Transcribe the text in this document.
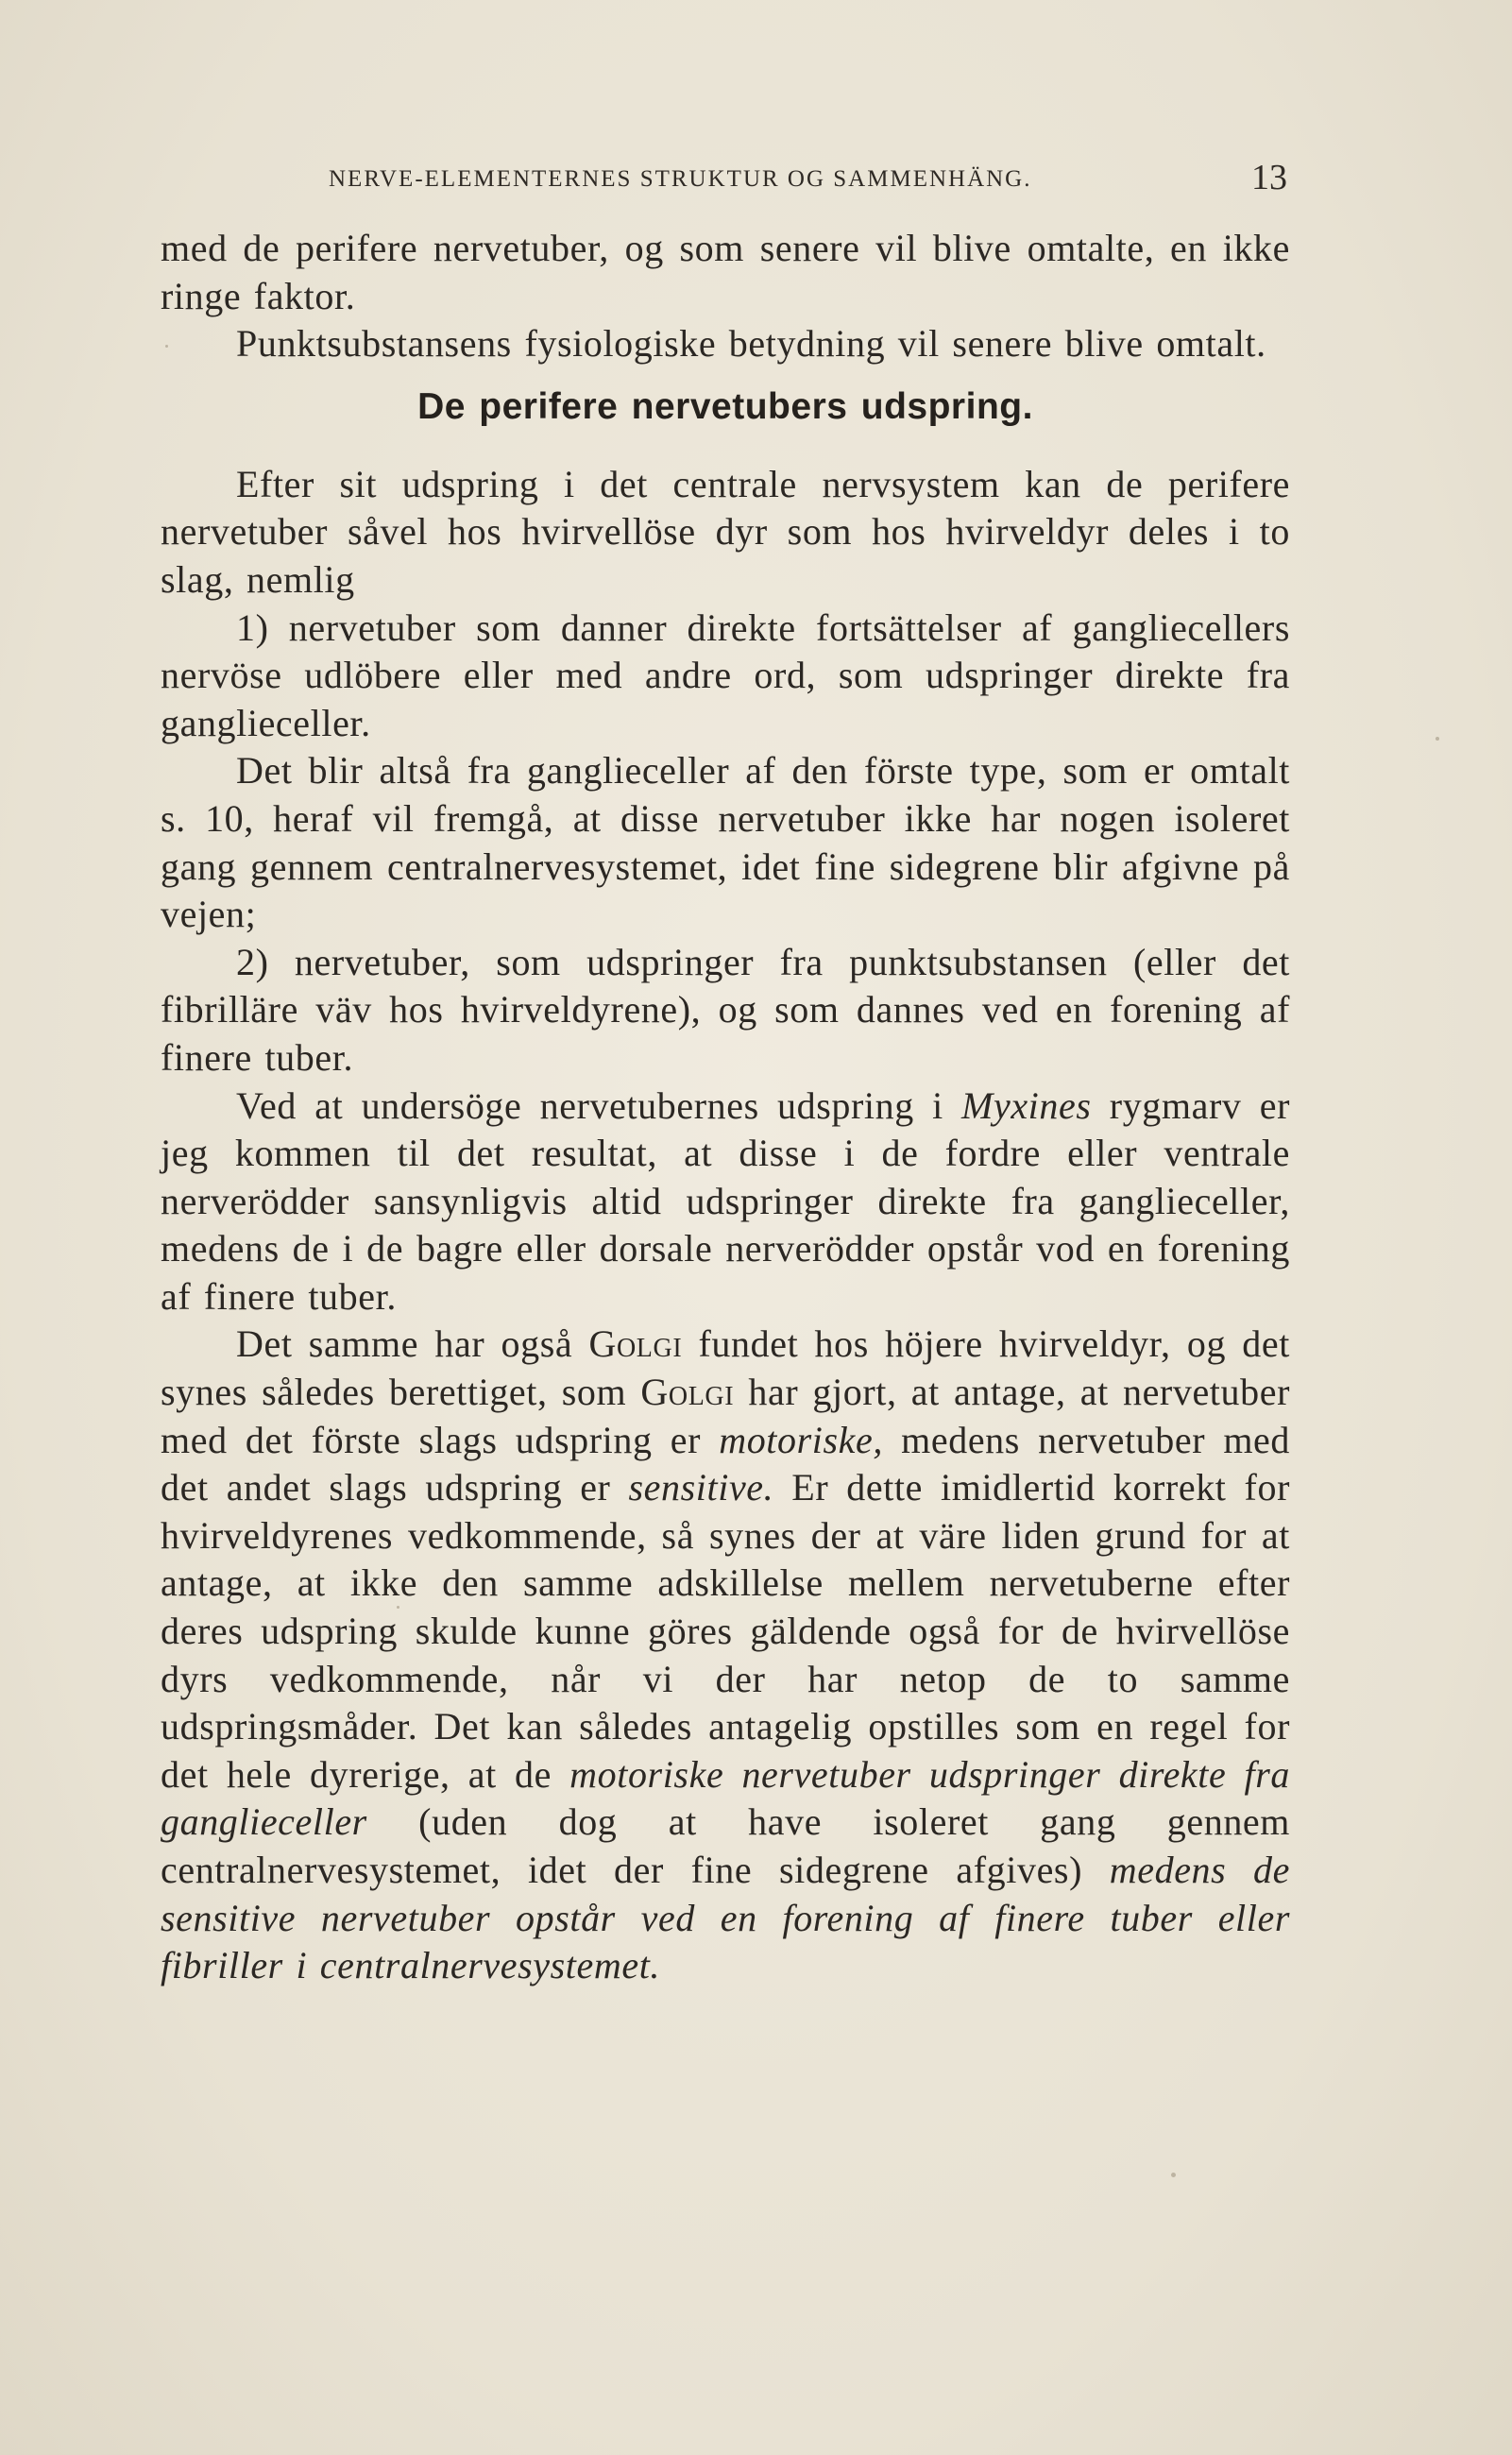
NERVE-ELEMENTERNES STRUKTUR OG SAMMENHÄNG.	13

med de perifere nervetuber, og som senere vil blive omtalte, en ikke ringe faktor.

Punktsubstansens fysiologiske betydning vil senere blive omtalt.

De perifere nervetubers udspring.

Efter sit udspring i det centrale nervsystem kan de perifere nervetuber såvel hos hvirvellöse dyr som hos hvirveldyr deles i to slag, nemlig

1) nervetuber som danner direkte fortsättelser af gangliecellers nervöse udlöbere eller med andre ord, som udspringer direkte fra ganglieceller.

Det blir altså fra ganglieceller af den förste type, som er omtalt s. 10, heraf vil fremgå, at disse nervetuber ikke har nogen isoleret gang gennem centralnervesystemet, idet fine sidegrene blir afgivne på vejen;

2) nervetuber, som udspringer fra punktsubstansen (eller det fibrilläre väv hos hvirveldyrene), og som dannes ved en forening af finere tuber.

Ved at undersöge nervetubernes udspring i Myxines rygmarv er jeg kommen til det resultat, at disse i de fordre eller ventrale nerverödder sansynligvis altid udspringer direkte fra ganglieceller, medens de i de bagre eller dorsale nerverödder opstår vod en forening af finere tuber.

Det samme har også Golgi fundet hos höjere hvirveldyr, og det synes således berettiget, som Golgi har gjort, at antage, at nervetuber med det förste slags udspring er motoriske, medens nervetuber med det andet slags udspring er sensitive. Er dette imidlertid korrekt for hvirveldyrenes vedkommende, så synes der at väre liden grund for at antage, at ikke den samme adskillelse mellem nervetuberne efter deres udspring skulde kunne göres gäldende også for de hvirvellöse dyrs vedkommende, når vi der har netop de to samme udspringsmåder. Det kan således antagelig opstilles som en regel for det hele dyrerige, at de motoriske nervetuber udspringer direkte fra ganglieceller (uden dog at have isoleret gang gennem centralnervesystemet, idet der fine sidegrene afgives) medens de sensitive nervetuber opstår ved en forening af finere tuber eller fibriller i centralnervesystemet.
